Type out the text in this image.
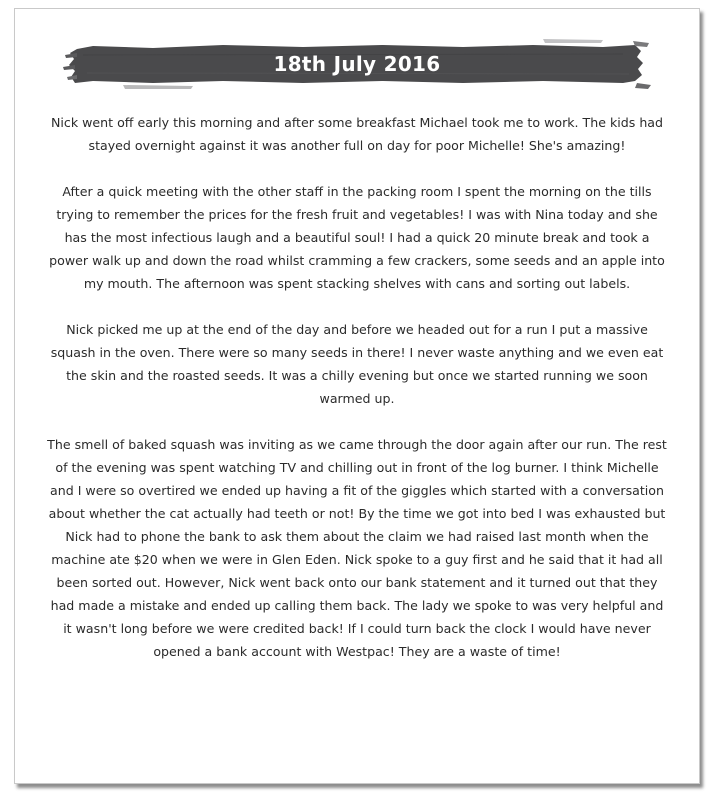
18th July 2016

Nick went off early this morning and after some breakfast Michael took me to work. The kids had stayed overnight against it was another full on day for poor Michelle! She's amazing!

After a quick meeting with the other staff in the packing room I spent the morning on the tills trying to remember the prices for the fresh fruit and vegetables! I was with Nina today and she has the most infectious laugh and a beautiful soul! I had a quick 20 minute break and took a power walk up and down the road whilst cramming a few crackers, some seeds and an apple into my mouth. The afternoon was spent stacking shelves with cans and sorting out labels.

Nick picked me up at the end of the day and before we headed out for a run I put a massive squash in the oven. There were so many seeds in there! I never waste anything and we even eat the skin and the roasted seeds. It was a chilly evening but once we started running we soon warmed up.

The smell of baked squash was inviting as we came through the door again after our run. The rest of the evening was spent watching TV and chilling out in front of the log burner. I think Michelle and I were so overtired we ended up having a fit of the giggles which started with a conversation about whether the cat actually had teeth or not! By the time we got into bed I was exhausted but Nick had to phone the bank to ask them about the claim we had raised last month when the machine ate $20 when we were in Glen Eden. Nick spoke to a guy first and he said that it had all been sorted out. However, Nick went back onto our bank statement and it turned out that they had made a mistake and ended up calling them back. The lady we spoke to was very helpful and it wasn't long before we were credited back! If I could turn back the clock I would have never opened a bank account with Westpac! They are a waste of time!
